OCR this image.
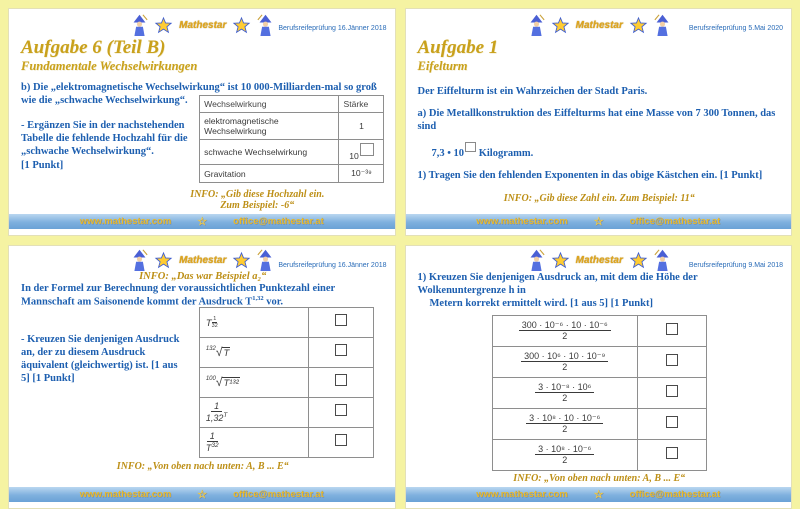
Mathestar	Berufsreifeprüfung 16.Jänner 2018
Aufgabe 6 (Teil B)
Fundamentale Wechselwirkungen
b) Die „elektromagnetische Wechselwirkung“ ist 10 000-Milliarden-mal so groß wie die „schwache Wechselwirkung“.
- Ergänzen Sie in der nachstehenden Tabelle die fehlende Hochzahl für die „schwache Wechselwirkung“.
[1 Punkt]
Wechselwirkung	Stärke
elektromagnetische Wechselwirkung	1
schwache Wechselwirkung	10
Gravitation	10⁻³⁹
INFO: „Gib diese Hochzahl ein.
Zum Beispiel: -6“
www.mathestar.com ☆	office@mathestar.at
Mathestar	Berufsreifeprüfung 5.Mai 2020
Aufgabe 1
Eifelturm
Der Eiffelturm ist ein Wahrzeichen der Stadt Paris.
a) Die Metallkonstruktion des Eiffelturms hat eine Masse von 7 300 Tonnen, das sind
7,3 • 10 Kilogramm.
1) Tragen Sie den fehlenden Exponenten in das obige Kästchen ein. [1 Punkt]
INFO: „Gib diese Zahl ein. Zum Beispiel: 11“
www.mathestar.com ☆	office@mathestar.at
Mathestar	Berufsreifeprüfung 16.Jänner 2018
INFO: „Das war Beispiel a₂“
In der Formel zur Berechnung der voraussichtlichen Punktezahl einer Mannschaft am Saisonende kommt der Ausdruck T$^{1,32}$ vor.
- Kreuzen Sie denjenigen Ausdruck an, der zu diesem Ausdruck äquivalent (gleichwertig) ist. [1 aus 5] [1 Punkt]
T $\frac{1}{32}$

$^{132}$√T	
$^{100}$√T¹³²	

$\frac{1}{1,32^T}$

$\frac{1}{T^{32}}$

INFO: „Von oben nach unten: A, B ... E“
www.mathestar.com ☆	office@mathestar.at
Mathestar	Berufsreifeprüfung 9.Mai 2018
1) Kreuzen Sie denjenigen Ausdruck an, mit dem die Höhe der Wolkenuntergrenze h in
Metern korrekt ermittelt wird. [1 aus 5] [1 Punkt]
$\frac{\text{300 · 10⁻⁶ · 10 · 10⁻⁶}}{2}$

$\frac{\text{300 · 10⁶ · 10 · 10⁻⁹}}{2}$

$\frac{\text{3 · 10⁻⁸ · 10⁶}}{2}$

$\frac{\text{3 · 10⁸ · 10 · 10⁻⁶}}{2}$

$\frac{\text{3 · 10⁸ · 10⁻⁶}}{2}$

INFO: „Von oben nach unten: A, B ... E“
www.mathestar.com ☆	office@mathestar.at
